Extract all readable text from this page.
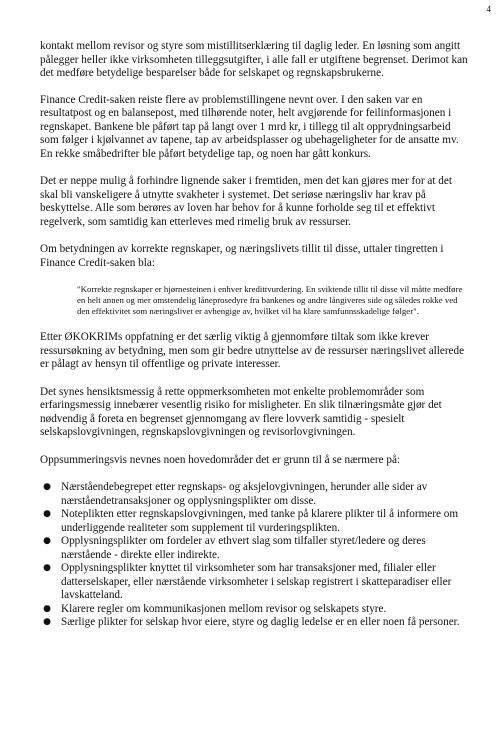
4

kontakt mellom revisor og styre som mistillitserklæring til daglig leder. En løsning som angitt pålegger heller ikke virksomheten tilleggsutgifter, i alle fall er utgiftene begrenset. Derimot kan det medføre betydelige besparelser både for selskapet og regnskapsbrukerne.

Finance Credit-saken reiste flere av problemstillingene nevnt over. I den saken var en resultatpost og en balansepost, med tilhørende noter, helt avgjørende for feilinformasjonen i regnskapet. Bankene ble påført tap på langt over 1 mrd kr, i tillegg til alt opprydningsarbeid som følger i kjølvannet av tapene, tap av arbeidsplasser og ubehageligheter for de ansatte mv. En rekke småbedrifter ble påført betydelige tap, og noen har gått konkurs.

Det er neppe mulig å forhindre lignende saker i fremtiden, men det kan gjøres mer for at det skal bli vanskeligere å utnytte svakheter i systemet. Det seriøse næringsliv har krav på beskyttelse. Alle som berøres av loven har behov for å kunne forholde seg til et effektivt regelverk, som samtidig kan etterleves med rimelig bruk av ressurser.

Om betydningen av korrekte regnskaper, og næringslivets tillit til disse, uttaler tingretten i Finance Credit-saken bla:

"Korrekte regnskaper er hjørnesteinen i enhver kredittvurdering. En sviktende tillit til disse vil måtte medføre en helt annen og mer omstendelig låneprosedyre fra bankenes og andre långiveres side og således rokke ved den effektivitet som næringslivet er avhengige av, hvilket vil ha klare samfunnsskadelige følger".

Etter ØKOKRIMs oppfatning er det særlig viktig å gjennomføre tiltak som ikke krever ressursøkning av betydning, men som gir bedre utnyttelse av de ressurser næringslivet allerede er pålagt av hensyn til offentlige og private interesser.

Det synes hensiktsmessig å rette oppmerksomheten mot enkelte problemområder som erfaringsmessig innebærer vesentlig risiko for misligheter. En slik tilnæringsmåte gjør det nødvendig å foreta en begrenset gjennomgang av flere lovverk samtidig - spesielt selskapslovgivningen, regnskapslovgivningen og revisorlovgivningen.

Oppsummeringsvis nevnes noen hovedområder det er grunn til å se nærmere på:

● Nærståendebegrepet etter regnskaps- og aksjelovgivningen, herunder alle sider av nærståendetransaksjoner og opplysningsplikter om disse.
● Noteplikten etter regnskapslovgivningen, med tanke på klarere plikter til å informere om underliggende realiteter som supplement til vurderingsplikten.
● Opplysningsplikter om fordeler av ethvert slag som tilfaller styret/ledere og deres nærstående - direkte eller indirekte.
● Opplysningsplikter knyttet til virksomheter som har transaksjoner med, filialer eller datterselskaper, eller nærstående virksomheter i selskap registrert i skatteparadiser eller lavskatteland.
● Klarere regler om kommunikasjonen mellom revisor og selskapets styre.
● Særlige plikter for selskap hvor eiere, styre og daglig ledelse er en eller noen få personer.
